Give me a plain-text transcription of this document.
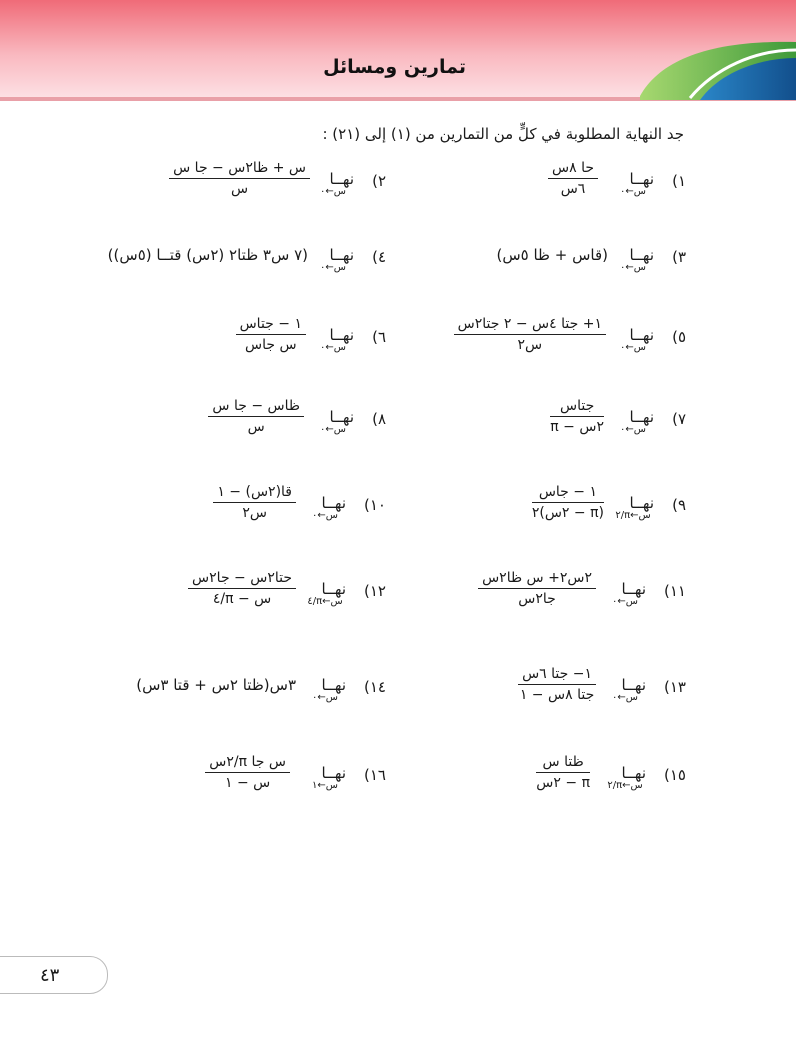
تمارين ومسائل
جد النهاية المطلوبة في كلٍّ من التمارين من (١) إلى (٢١) :
١)
نهــا
س←٠
حا ٨س
٦س
٢)
نهــا
س←٠
س + ظا٢س − جا س
س
٣)
نهــا
س←٠
(قاس + ظا ٥س)
٤)
نهــا
س←٠
(٧ س٣ ظتا٢ (٢س) قتــا (٥س))
٥)
نهــا
س←٠
١+ جتا ٤س − ٢ جتا٢س
س٢
٦)
نهــا
س←٠
١ − جتاس
س جاس
٧)
نهــا
س←٠
جتاس
٢س − π
٨)
نهــا
س←٠
ظاس − جا س
س
٩)
نهــا
س←π/٢
١ − جاس
(π − ٢س)٢
١٠)
نهــا
س←٠
قا(٢س) − ١
س٢
١١)
نهــا
س←٠
٢س٢+ س ظا٢س
جا٢س
١٢)
نهــا
س←π/٤
حتا٢س − جا٢س
س − π/٤
١٣)
نهــا
س←٠
١− جتا ٦س
جتا ٨س − ١
١٤)
نهــا
س←٠
٣س(ظتا ٢س + قتا ٣س)
١٥)
نهــا
س←π/٢
ظتا س
π − ٢س
١٦)
نهــا
س←١
س جا π/٢س
س − ١
٤٣
